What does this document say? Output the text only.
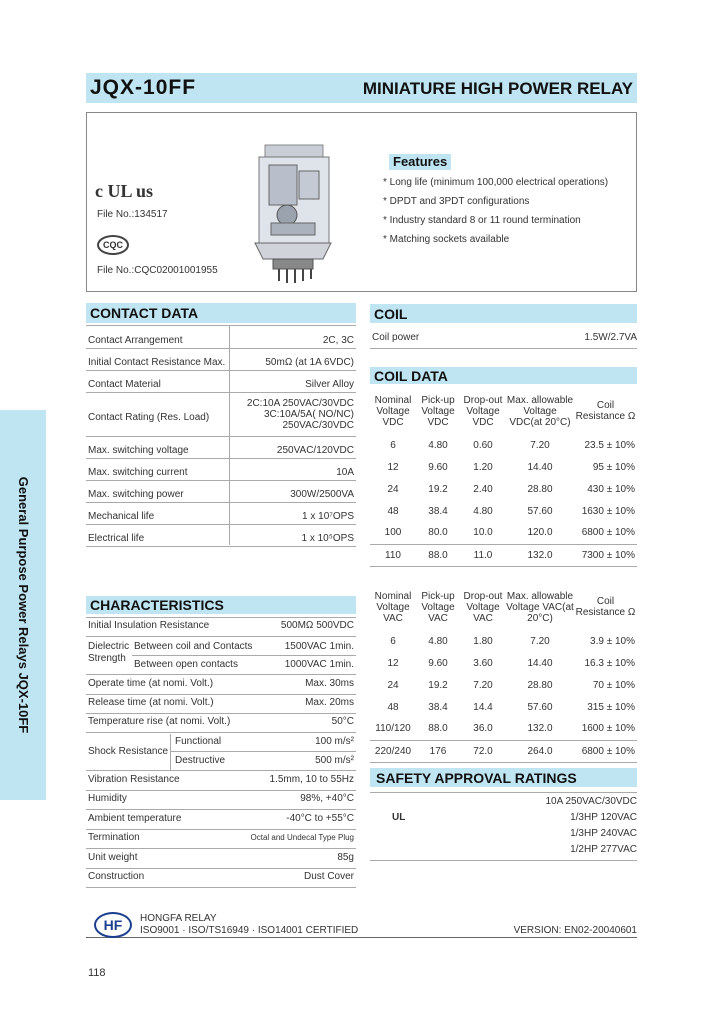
General Purpose Power Relays JQX-10FF
JQX-10FF	MINIATURE HIGH POWER RELAY
c UL us
File No.:134517
CQC
File No.:CQC02001001955
Features
* Long life (minimum 100,000 electrical operations)
* DPDT and 3PDT configurations
* Industry standard 8 or 11 round termination
* Matching sockets available
CONTACT DATA
Contact Arrangement	2C, 3C
Initial Contact Resistance Max.	50mΩ (at 1A 6VDC)
Contact Material	Silver Alloy
Contact Rating (Res. Load)
2C:10A 250VAC/30VDC
3C:10A/5A( NO/NC)
250VAC/30VDC
Max. switching voltage	250VAC/120VDC
Max. switching current	10A
Max. switching power	300W/2500VA
Mechanical life	1 x 10⁷OPS
Electrical life	1 x 10⁵OPS
CHARACTERISTICS
Initial Insulation Resistance	500MΩ 500VDC
Dielectric Strength
Between coil and Contacts	1500VAC 1min.
Between open contacts	1000VAC 1min.
Operate time (at nomi. Volt.)	Max. 30ms
Release time (at nomi. Volt.)	Max. 20ms
Temperature rise (at nomi. Volt.)	50°C
Shock Resistance
Functional	100 m/s²
Destructive	500 m/s²
Vibration Resistance	1.5mm, 10 to 55Hz
Humidity	98%, +40°C
Ambient temperature	-40°C to +55°C
Termination	Octal and Undecal Type Plug
Unit weight	85g
Construction	Dust Cover
COIL
Coil power	1.5W/2.7VA
COIL DATA
Nominal Voltage VDC	Pick-up Voltage VDC	Drop-out Voltage VDC	Max. allowable Voltage VDC(at 20°C)	Coil Resistance Ω
6	4.80	0.60	7.20	23.5 ± 10%
12	9.60	1.20	14.40	95 ± 10%
24	19.2	2.40	28.80	430 ± 10%
48	38.4	4.80	57.60	1630 ± 10%
100	80.0	10.0	120.0	6800 ± 10%
110	88.0	11.0	132.0	7300 ± 10%
Nominal Voltage VAC	Pick-up Voltage VAC	Drop-out Voltage VAC	Max. allowable Voltage VAC(at 20°C)	Coil Resistance Ω
6	4.80	1.80	7.20	3.9 ± 10%
12	9.60	3.60	14.40	16.3 ± 10%
24	19.2	7.20	28.80	70 ± 10%
48	38.4	14.4	57.60	315 ± 10%
110/120	88.0	36.0	132.0	1600 ± 10%
220/240	176	72.0	264.0	6800 ± 10%
SAFETY APPROVAL RATINGS
UL
10A 250VAC/30VDC
1/3HP 120VAC
1/3HP 240VAC
1/2HP 277VAC
HF	HONGFA RELAY
ISO9001 · ISO/TS16949 · ISO14001 CERTIFIED	VERSION: EN02-20040601
118
